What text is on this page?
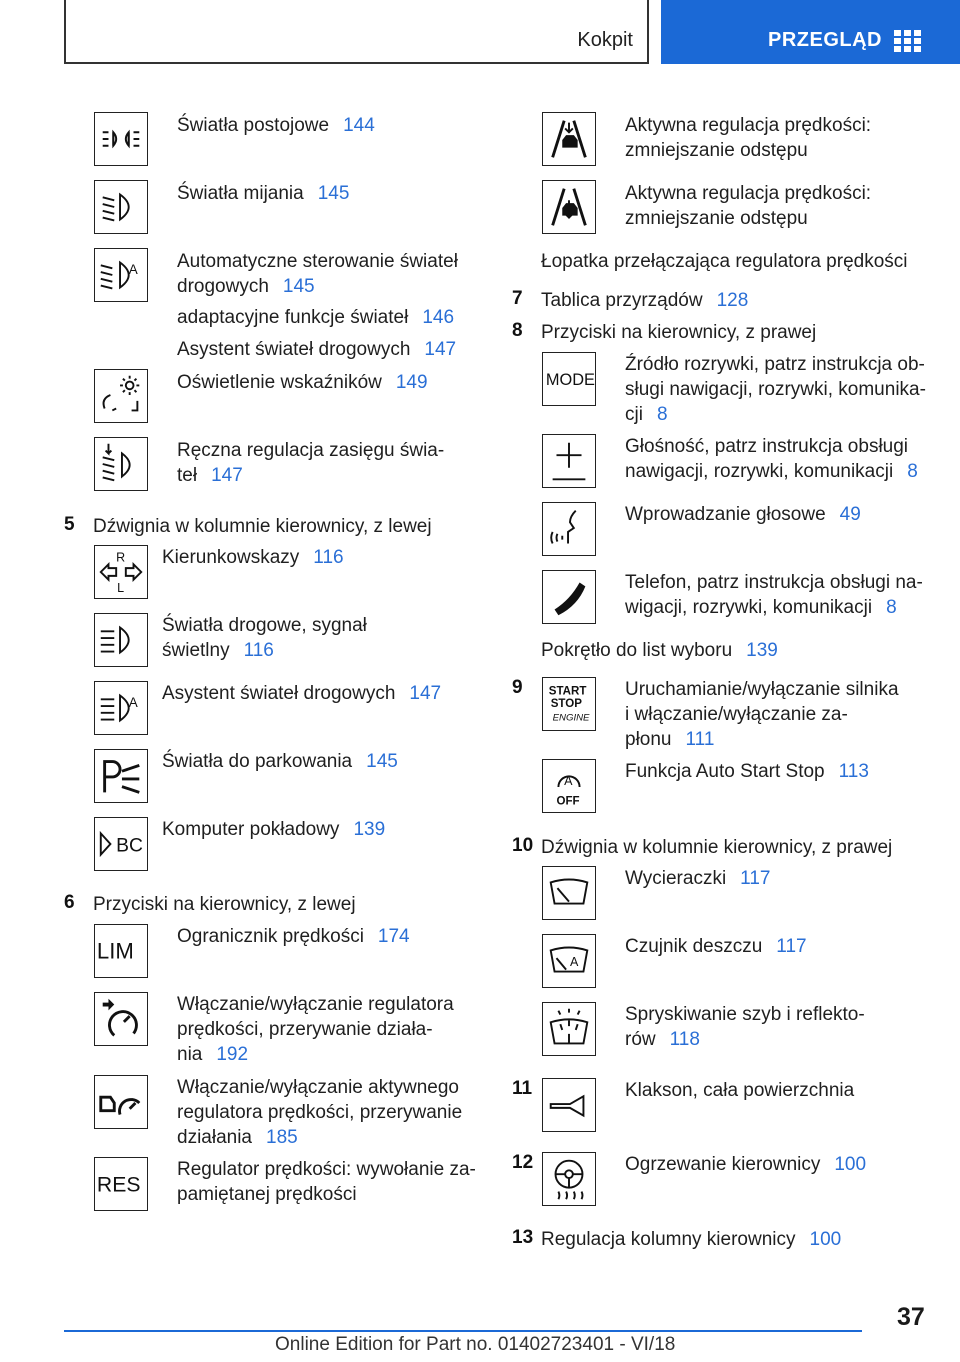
Kokpit	PRZEGLĄD
Światła postojowe 144
Światła mijania 145
A Automatyczne sterowanie świateł
drogowych 145
adaptacyjne funkcje świateł 146
Asystent świateł drogowych 147
Oświetlenie wskaźników 149
Ręczna regulacja zasięgu świa-
teł 147
5 Dźwignia w kolumnie kierownicy, z lewej
R
L
Kierunkowskazy 116
Światła drogowe, sygnał
świetlny 116
A Asystent świateł drogowych 147
Światła do parkowania 145
BC
Komputer pokładowy 139
6 Przyciski na kierownicy, z lewej
LIM
Ogranicznik prędkości 174
Włączanie/wyłączanie regulatora
prędkości, przerywanie działa-
nia 192
Włączanie/wyłączanie aktywnego
regulatora prędkości, przerywanie
działania 185
RES
Regulator prędkości: wywołanie za-
pamiętanej prędkości
Aktywna regulacja prędkości:
zmniejszanie odstępu
Aktywna regulacja prędkości:
zmniejszanie odstępu
Łopatka przełączająca regulatora prędkości
7 Tablica przyrządów 128
8 Przyciski na kierownicy, z prawej
MODE
Źródło rozrywki, patrz instrukcja ob-
sługi nawigacji, rozrywki, komunika-
cji 8
Głośność, patrz instrukcja obsługi
nawigacji, rozrywki, komunikacji 8
Wprowadzanie głosowe 49
Telefon, patrz instrukcja obsługi na-
wigacji, rozrywki, komunikacji 8
Pokrętło do list wyboru 139
9 START
STOP
ENGINE
Uruchamianie/wyłączanie silnika
i włączanie/wyłączanie za-
płonu 111
A
OFF
Funkcja Auto Start Stop 113
10 Dźwignia w kolumnie kierownicy, z prawej
Wycieraczki 117
A
Czujnik deszczu 117
Spryskiwanie szyb i reflekto-
rów 118
11	Klakson, cała powierzchnia
12	Ogrzewanie kierownicy 100
13 Regulacja kolumny kierownicy 100
37
Online Edition for Part no. 01402723401 - VI/18
